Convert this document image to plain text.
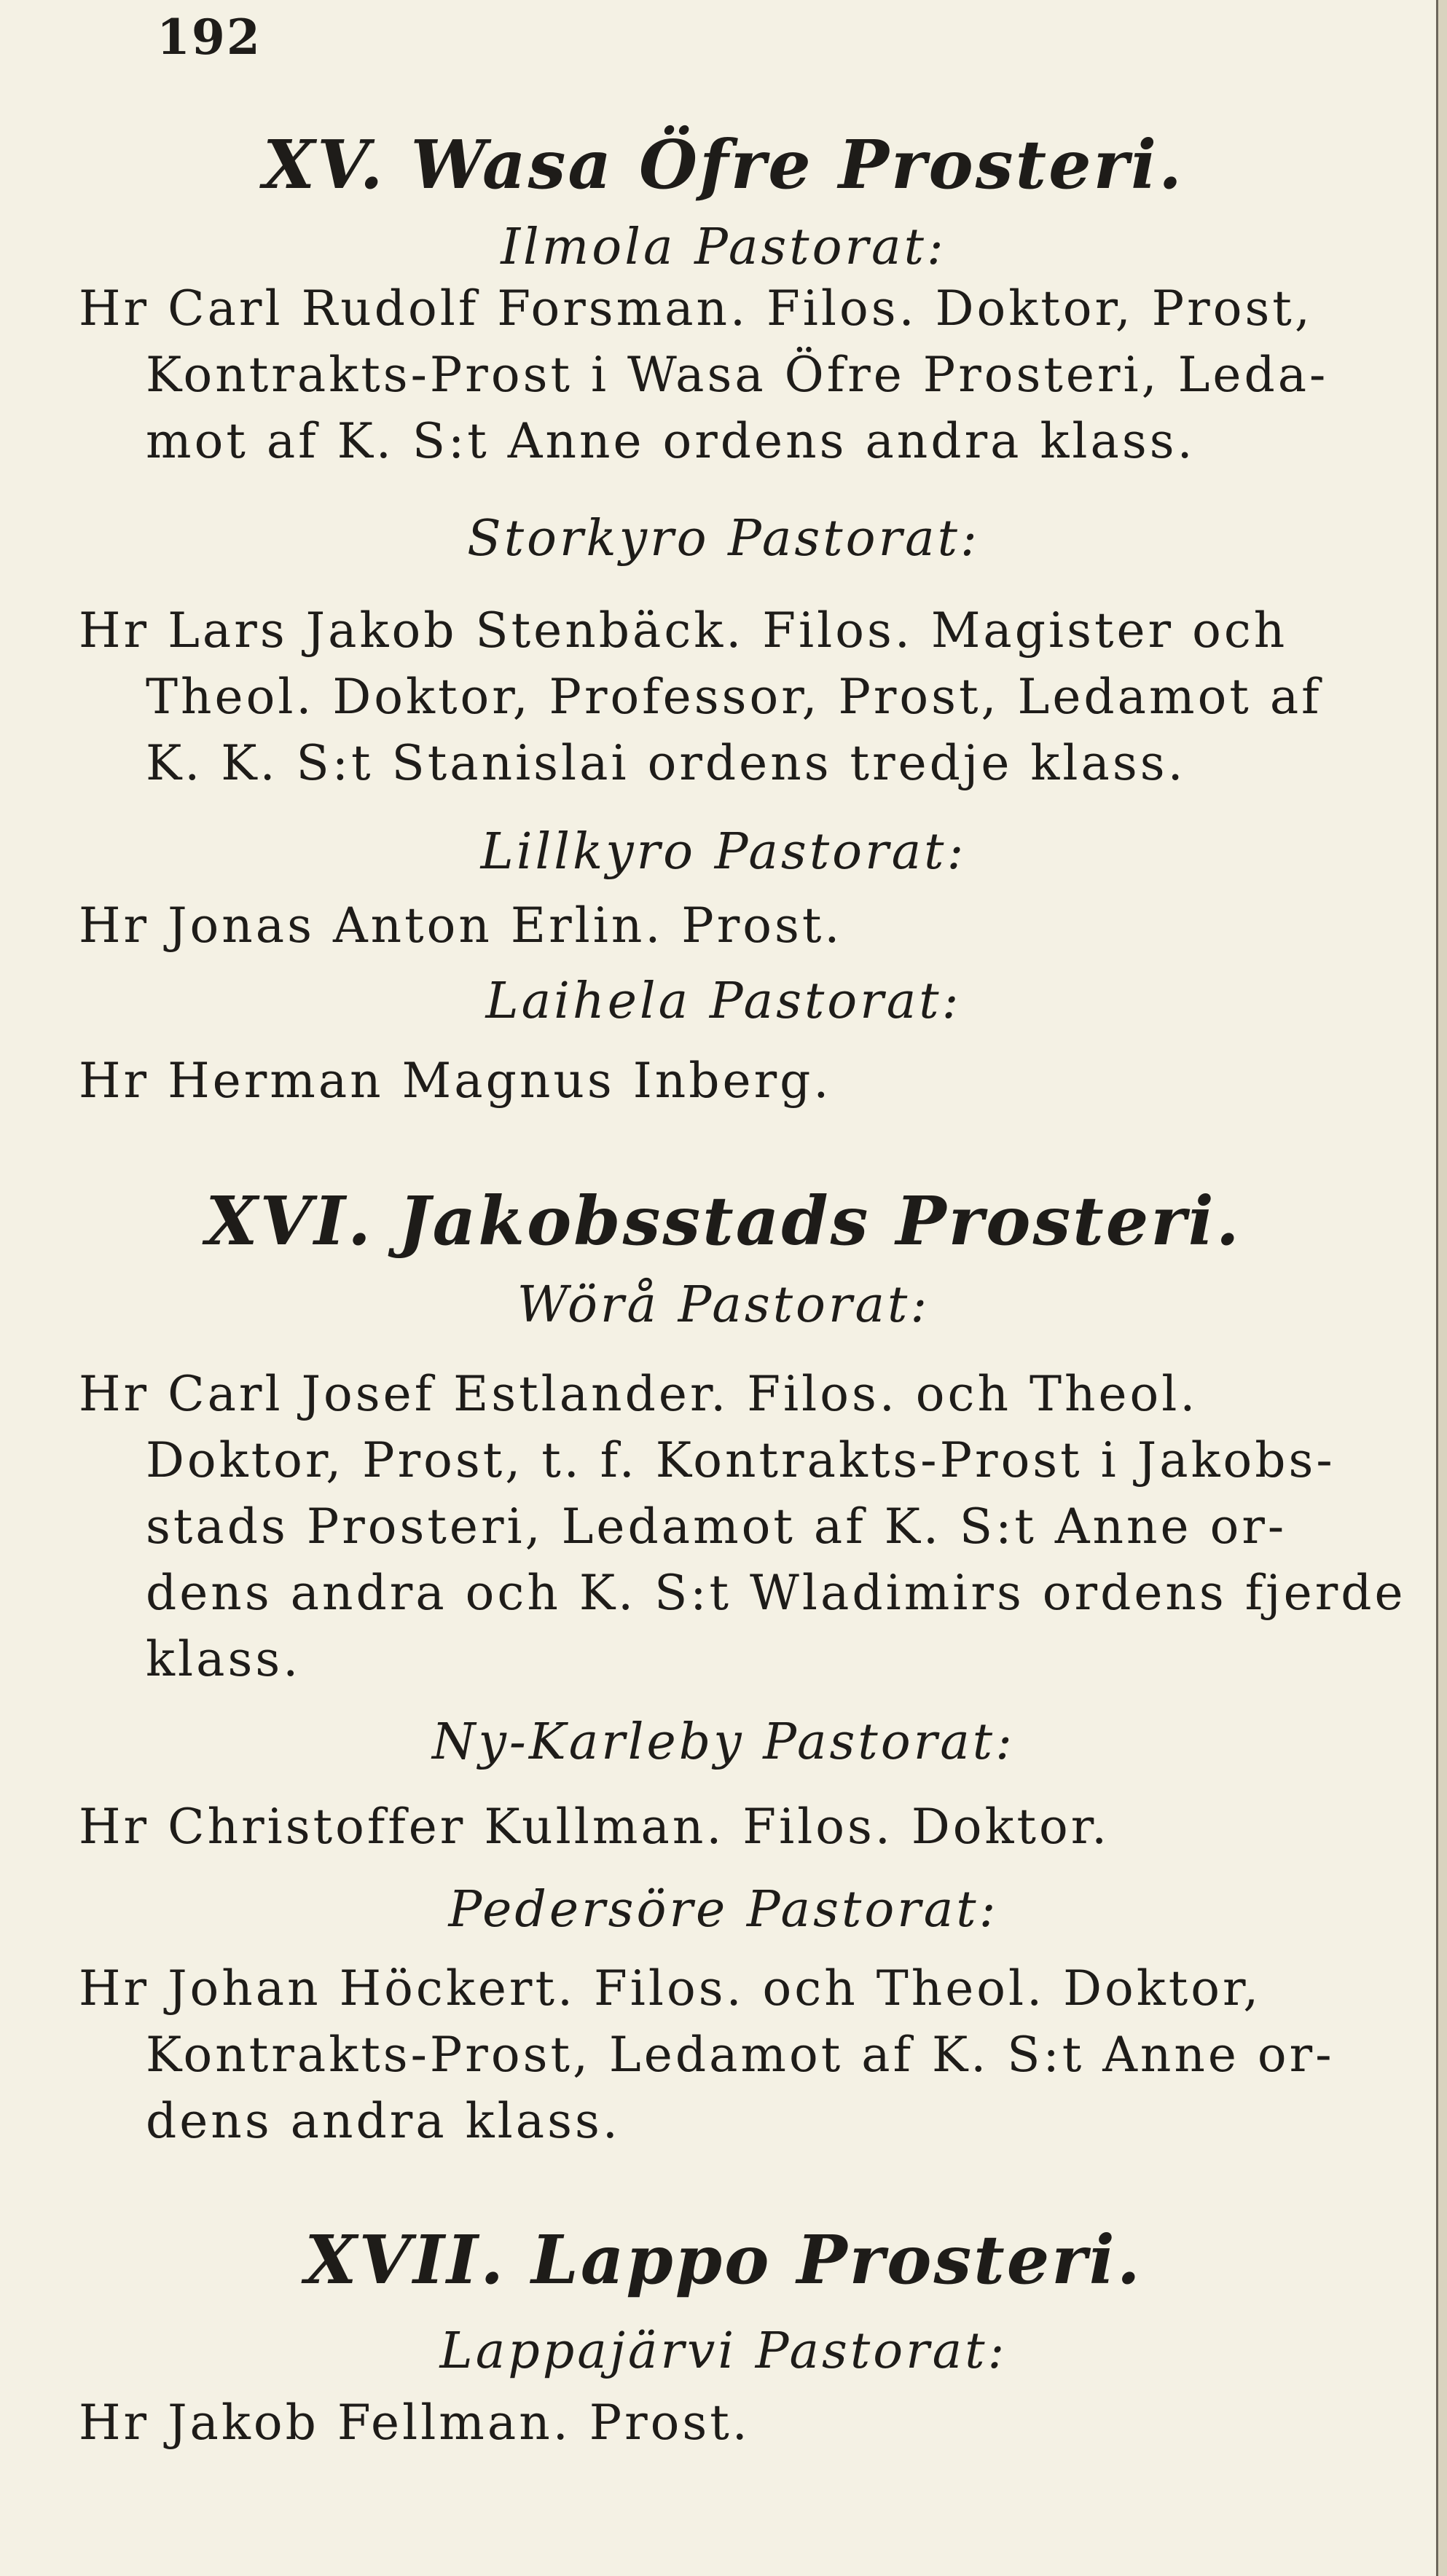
192
XV. Wasa Öfre Prosteri.
Ilmola Pastorat:
Hr Carl Rudolf Forsman. Filos. Doktor, Prost,
Kontrakts-Prost i Wasa Öfre Prosteri, Leda-
mot af K. S:t Anne ordens andra klass.
Storkyro Pastorat:
Hr Lars Jakob Stenbäck. Filos. Magister och
Theol. Doktor, Professor, Prost, Ledamot af
K. K. S:t Stanislai ordens tredje klass.
Lillkyro Pastorat:
Hr Jonas Anton Erlin. Prost.
Laihela Pastorat:
Hr Herman Magnus Inberg.
XVI. Jakobsstads Prosteri.
Wörå Pastorat:
Hr Carl Josef Estlander. Filos. och Theol.
Doktor, Prost, t. f. Kontrakts-Prost i Jakobs-
stads Prosteri, Ledamot af K. S:t Anne or-
dens andra och K. S:t Wladimirs ordens fjerde
klass.
Ny-Karleby Pastorat:
Hr Christoffer Kullman. Filos. Doktor.
Pedersöre Pastorat:
Hr Johan Höckert. Filos. och Theol. Doktor,
Kontrakts-Prost, Ledamot af K. S:t Anne or-
dens andra klass.
XVII. Lappo Prosteri.
Lappajärvi Pastorat:
Hr Jakob Fellman. Prost.
